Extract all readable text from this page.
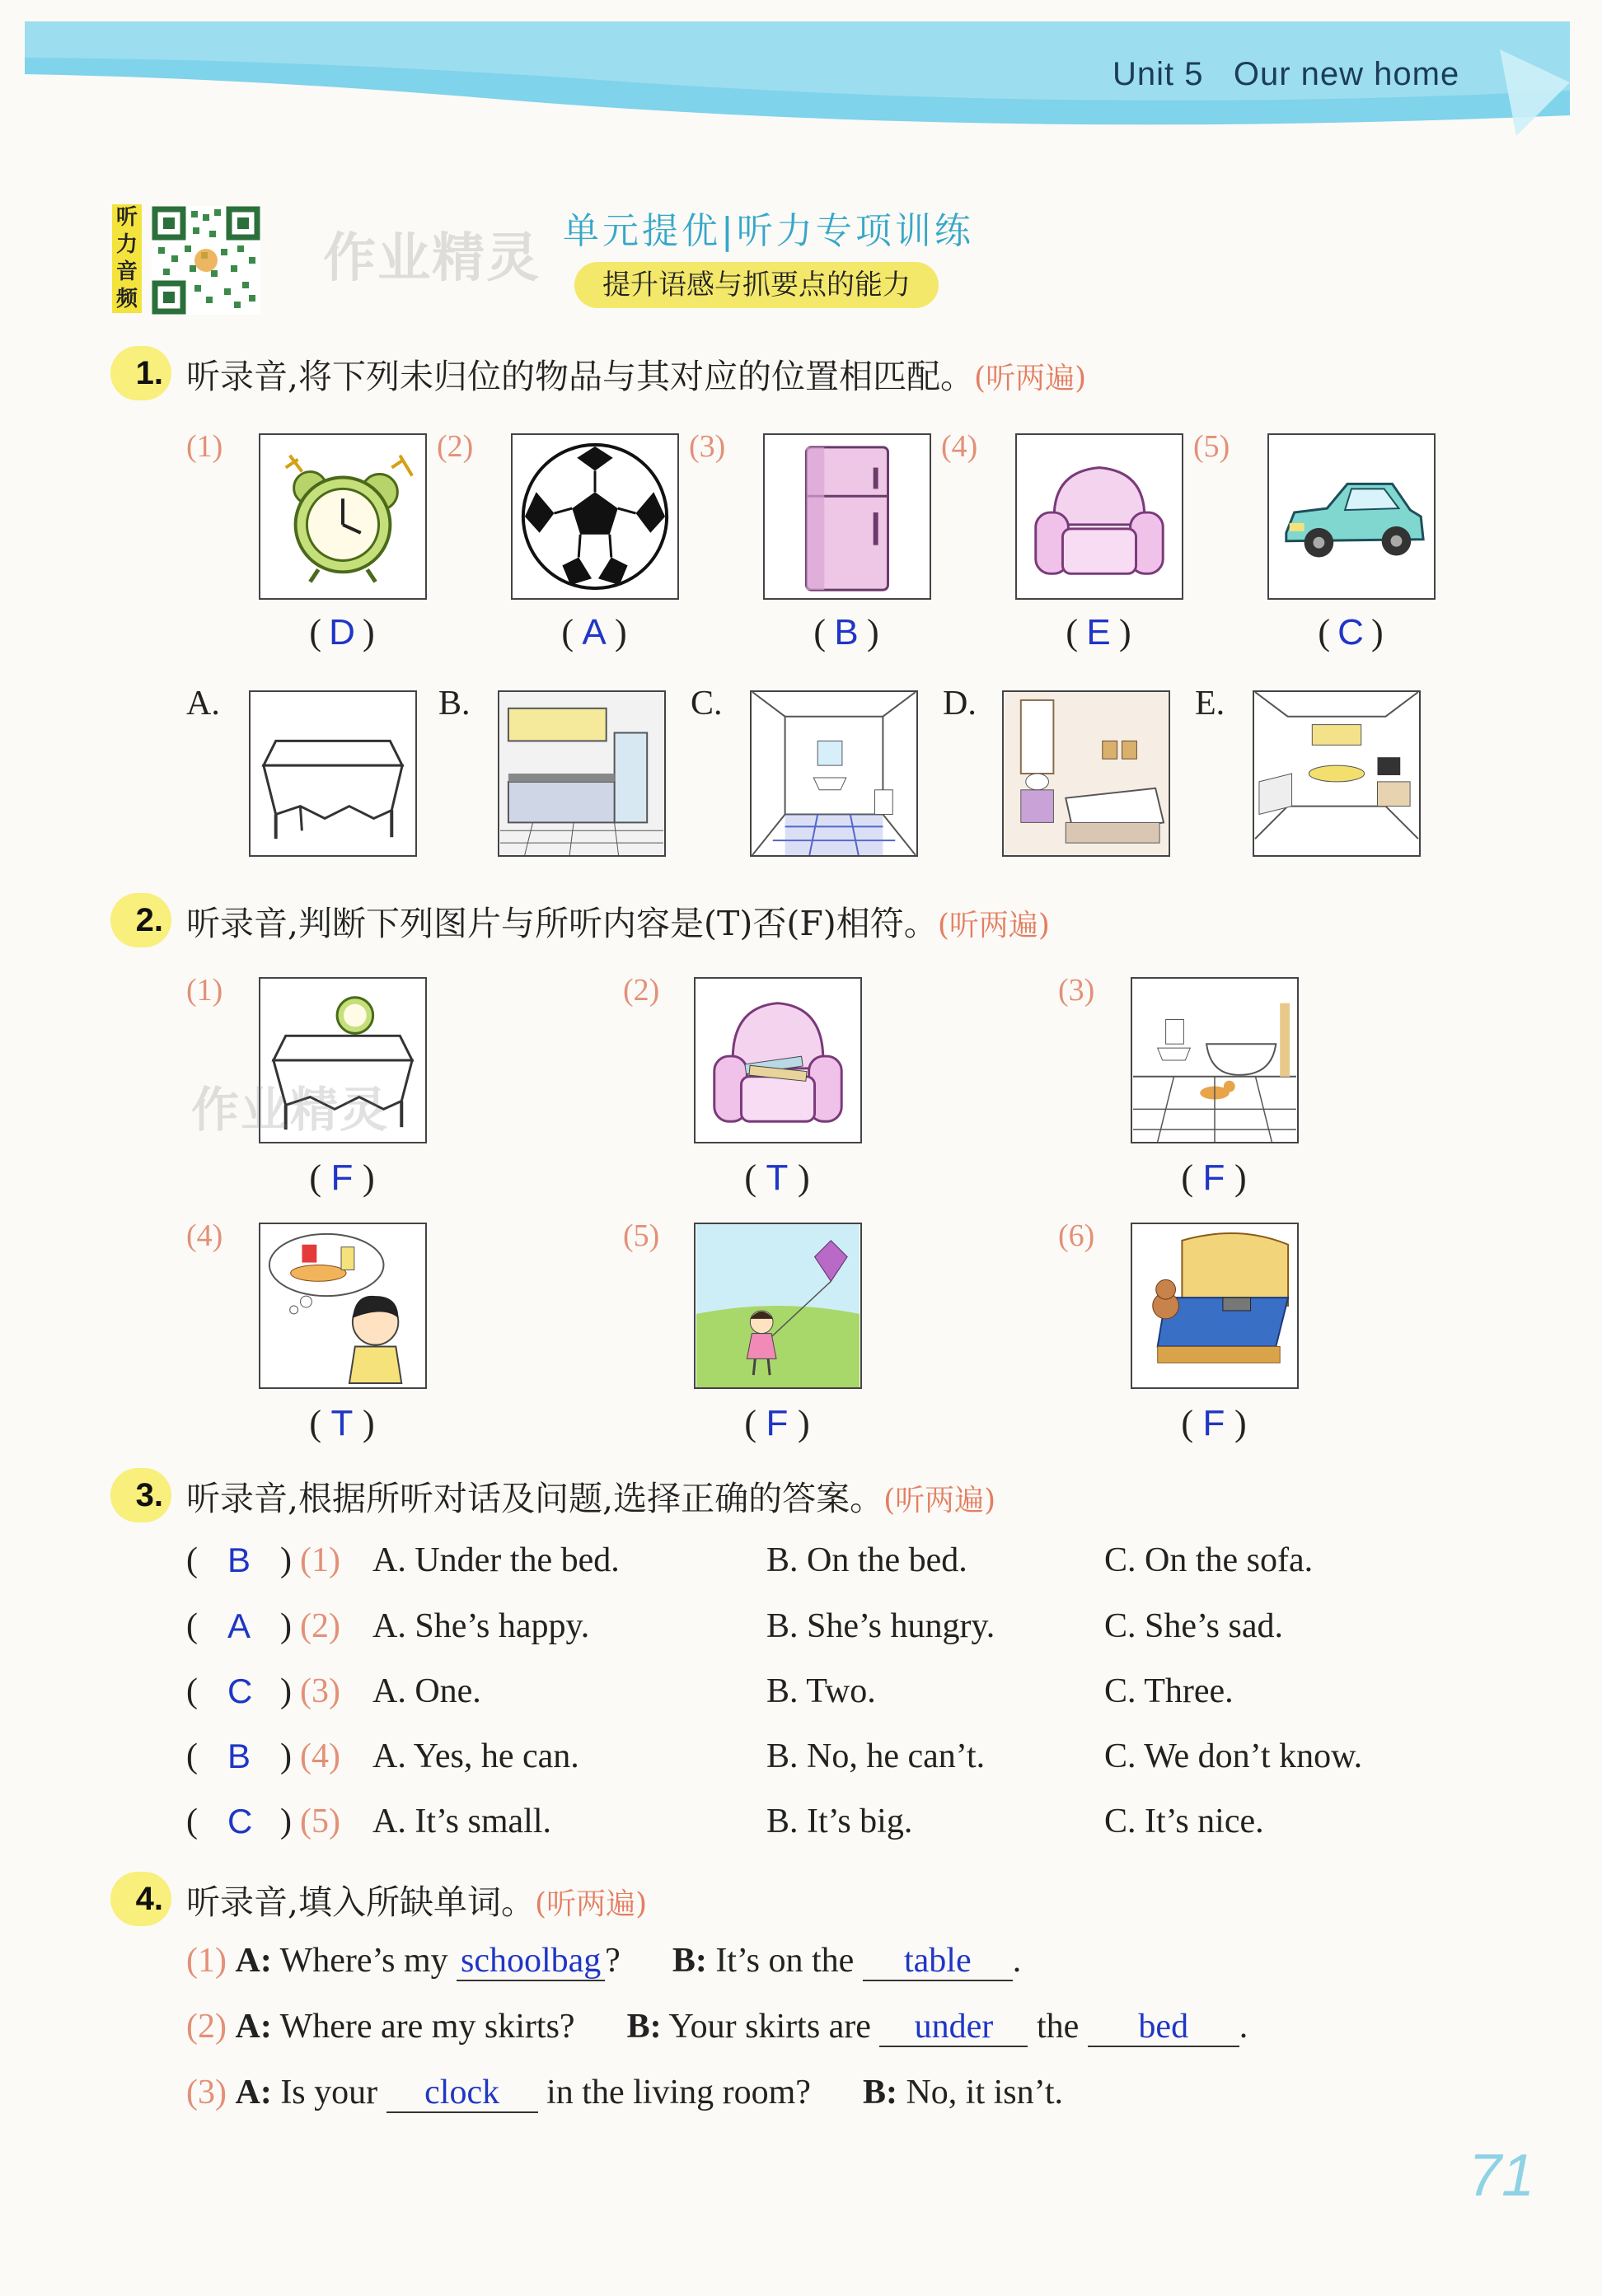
Unit 5 Our new home
听力音频
作业精灵 单元提优|听力专项训练
提升语感与抓要点的能力
1. 听录音,将下列未归位的物品与其对应的位置相匹配。(听两遍)
(1)	(2)	(3)	(4)	(5)
( D )	( A )	( B )	( E )	( C )
A.	B.	C.	D.	E.
2. 听录音,判断下列图片与所听内容是(T)否(F)相符。(听两遍)
(1)	(2)	(3)
(4)	(5)	(6)
作业精灵
( F )	( T )	( F )
( T )	( F )	( F )
3. 听录音,根据所听对话及问题,选择正确的答案。(听两遍)
( B ) (1) A. Under the bed.	B. On the bed.	C. On the sofa.
( A ) (2) A. She’s happy.	B. She’s hungry.	C. She’s sad.
( C ) (3) A. One.	B. Two.	C. Three.
( B ) (4) A. Yes, he can.	B. No, he can’t.	C. We don’t know.
( C ) (5) A. It’s small.	B. It’s big.	C. It’s nice.
4. 听录音,填入所缺单词。(听两遍)
(1) A: Where’s my schoolbag ? B: It’s on the table .
(2) A: Where are my skirts? B: Your skirts are under the bed .
(3) A: Is your clock in the living room? B: No, it isn’t.
71
